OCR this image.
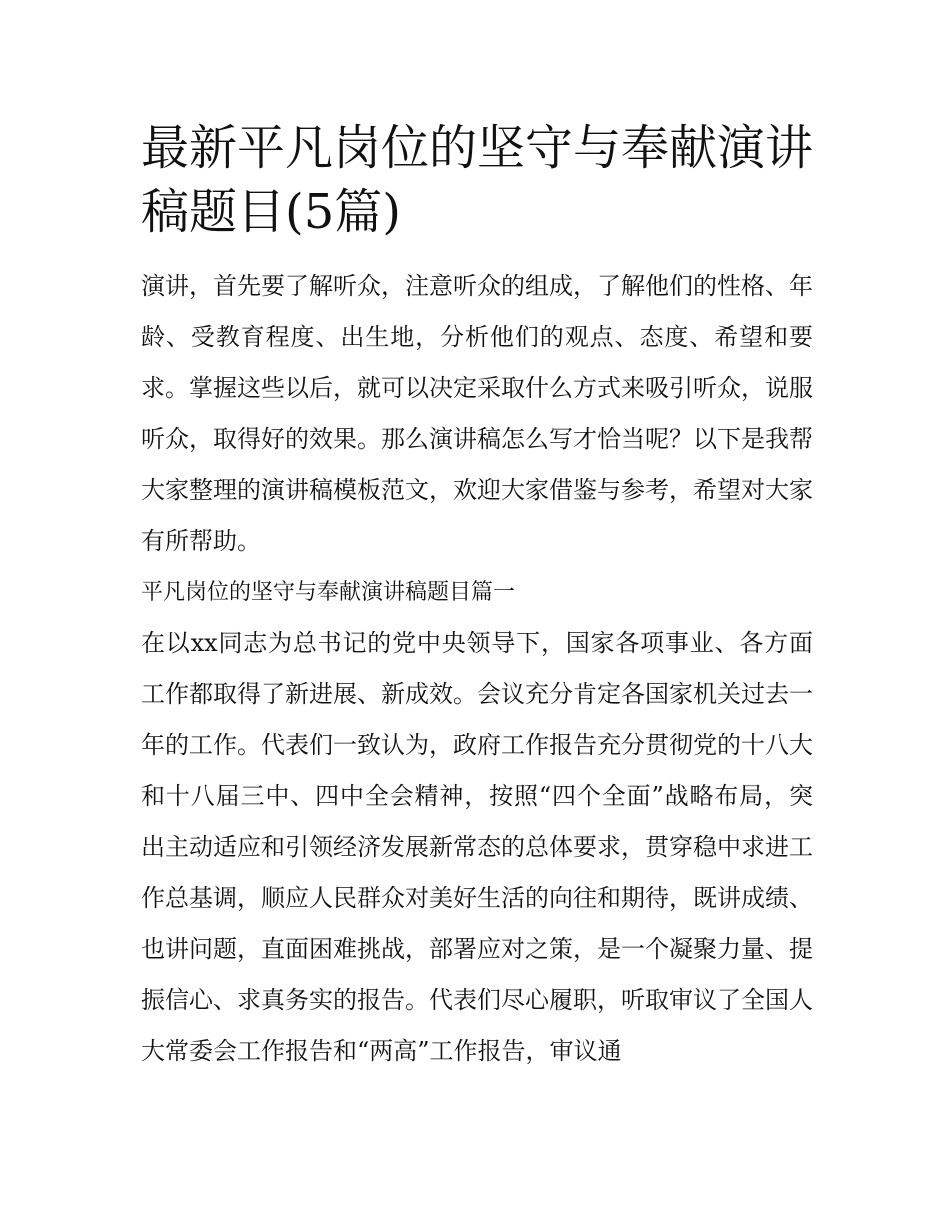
最新平凡岗位的坚守与奉献演讲稿题目(5篇)

演讲，首先要了解听众，注意听众的组成，了解他们的性格、年龄、受教育程度、出生地，分析他们的观点、态度、希望和要求。掌握这些以后，就可以决定采取什么方式来吸引听众，说服听众，取得好的效果。那么演讲稿怎么写才恰当呢？以下是我帮大家整理的演讲稿模板范文，欢迎大家借鉴与参考，希望对大家有所帮助。

平凡岗位的坚守与奉献演讲稿题目篇一

在以xx同志为总书记的党中央领导下，国家各项事业、各方面工作都取得了新进展、新成效。会议充分肯定各国家机关过去一年的工作。代表们一致认为，政府工作报告充分贯彻党的十八大和十八届三中、四中全会精神，按照“四个全面”战略布局，突出主动适应和引领经济发展新常态的总体要求，贯穿稳中求进工作总基调，顺应人民群众对美好生活的向往和期待，既讲成绩、也讲问题，直面困难挑战，部署应对之策，是一个凝聚力量、提振信心、求真务实的报告。代表们尽心履职，听取审议了全国人大常委会工作报告和“两高”工作报告，审议通
